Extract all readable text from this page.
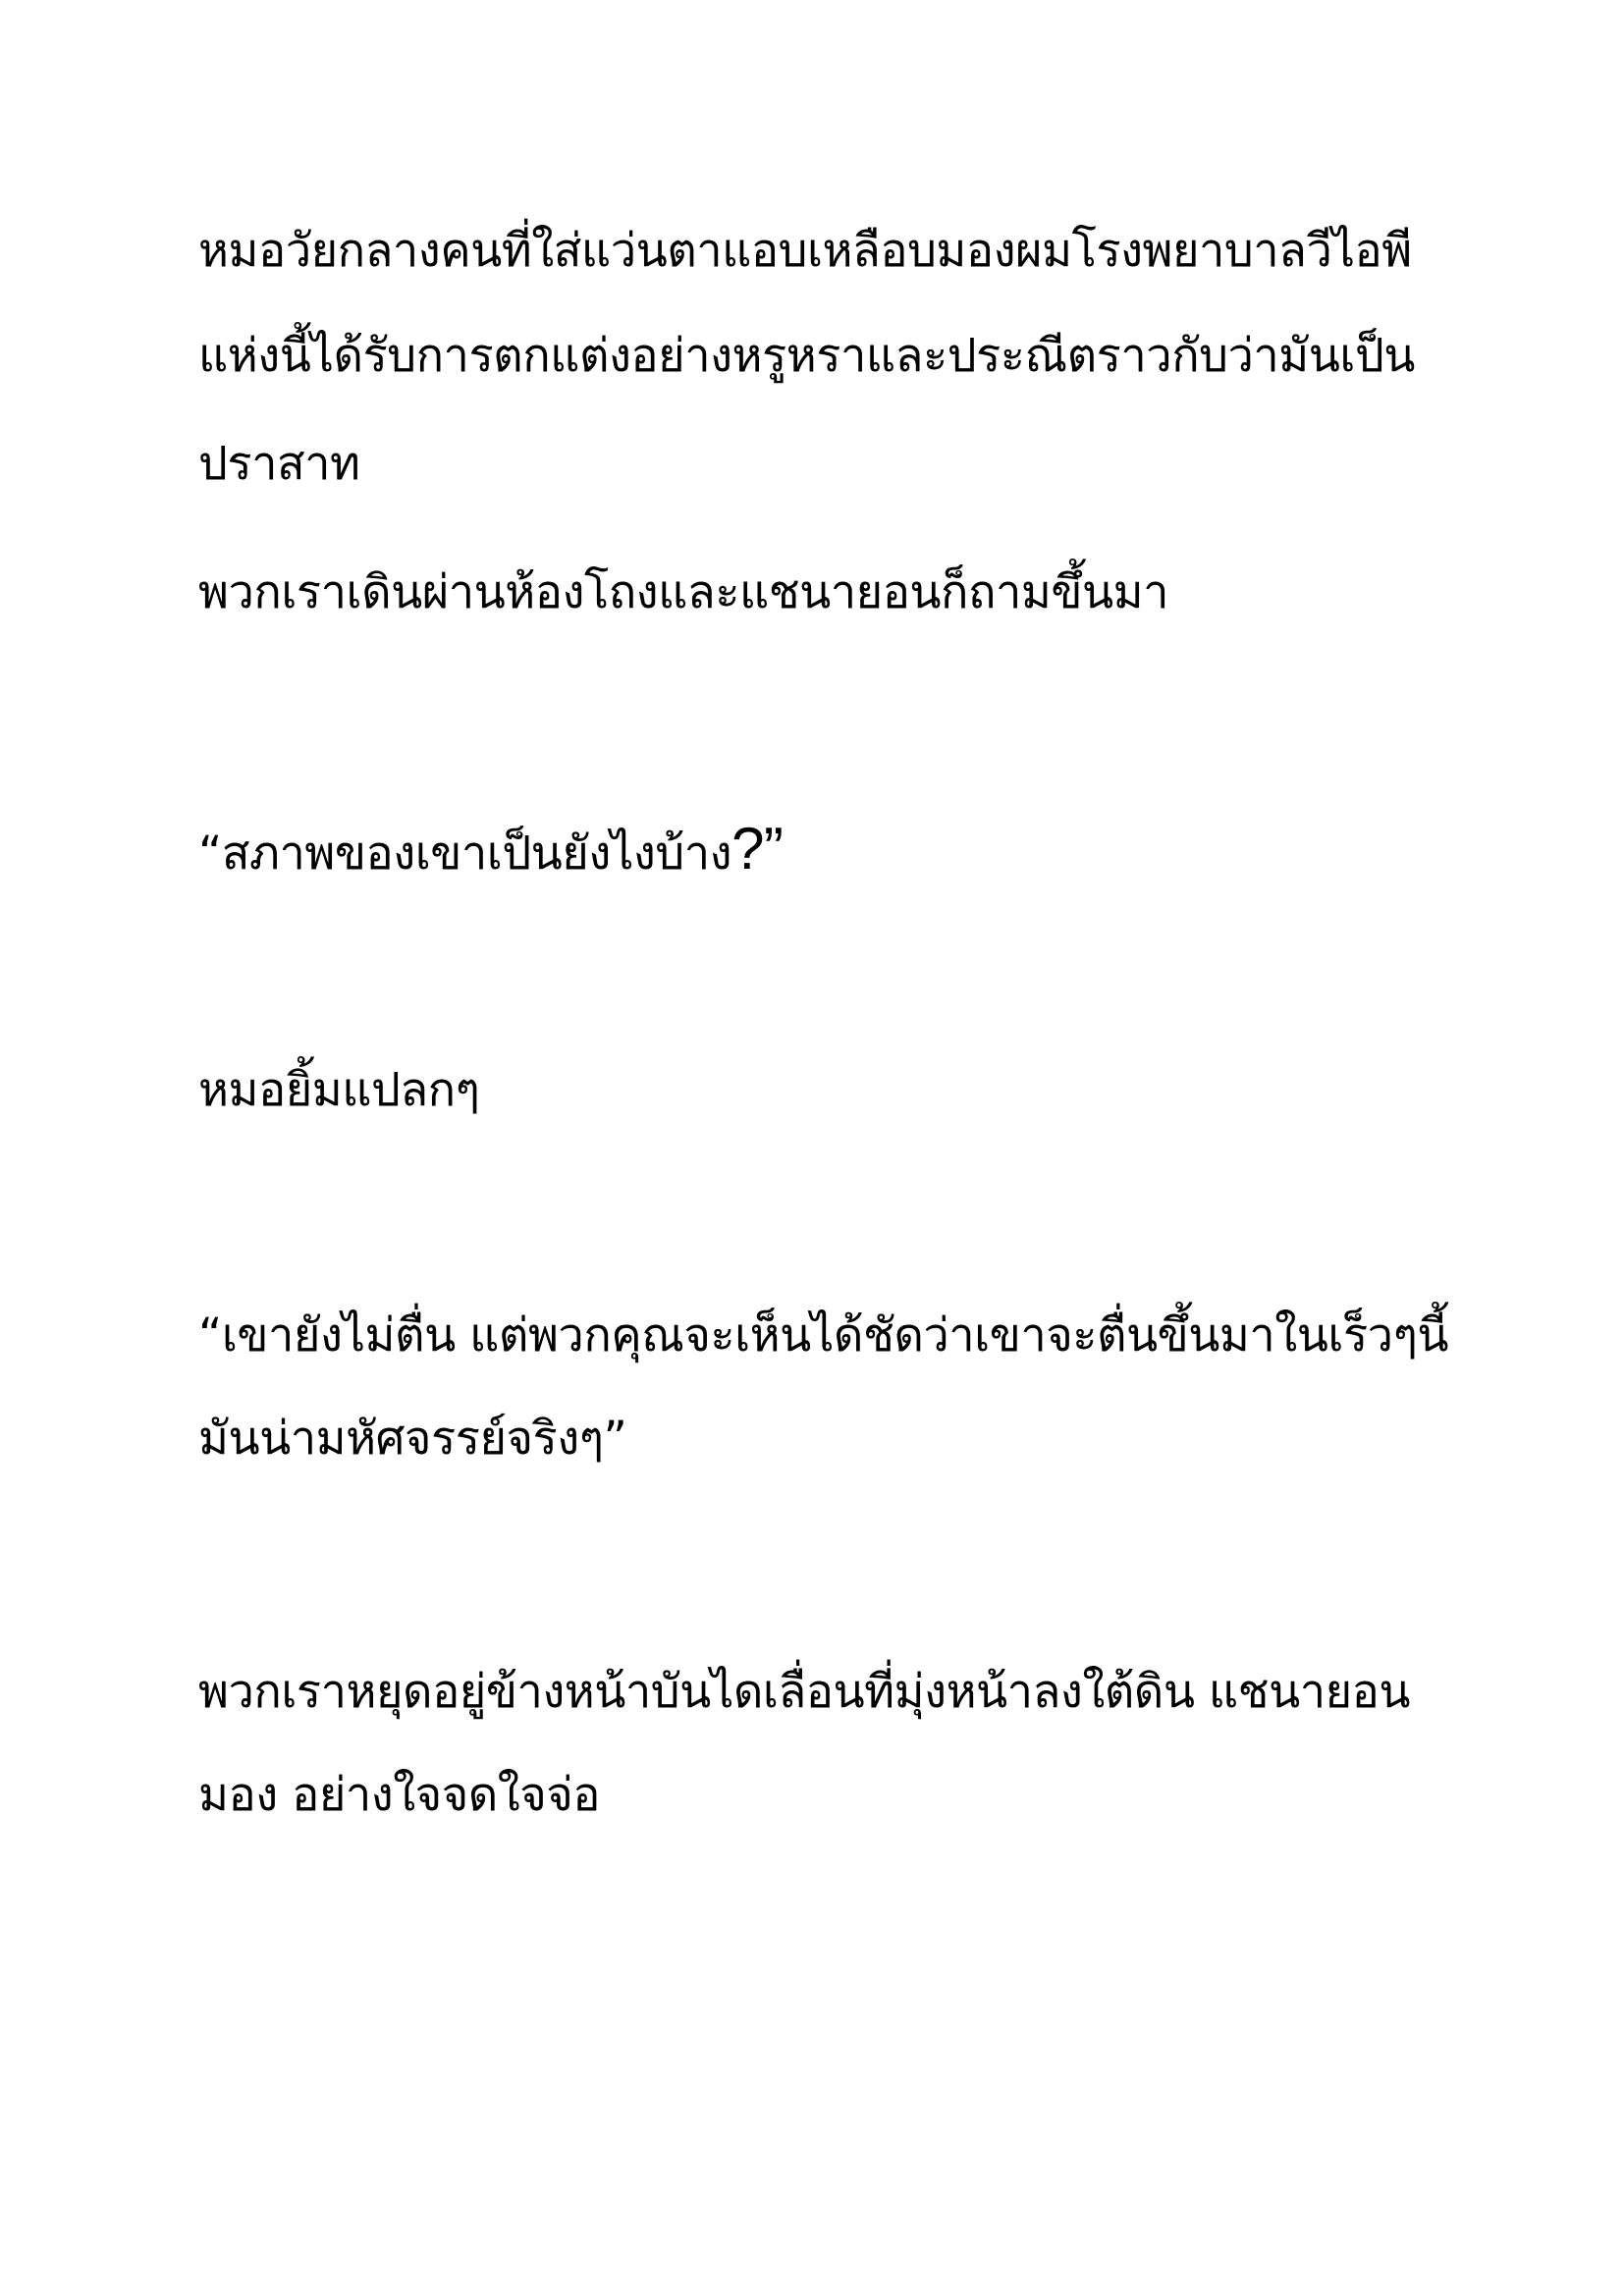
หมอวัยกลางคนที่ใส่แว่นตาแอบเหลือบมองผมโรงพยาบาลวีไอพี

แห่งนี้ได้รับการตกแต่งอย่างหรูหราและประณีตราวกับว่ามันเป็น

ปราสาท

พวกเราเดินผ่านห้องโถงและแชนายอนก็ถามขึ้นมา

“สภาพของเขาเป็นยังไงบ้าง?”

หมอยิ้มแปลกๆ

“เขายังไม่ตื่น แต่พวกคุณจะเห็นได้ชัดว่าเขาจะตื่นขึ้นมาในเร็วๆนี้

มันน่ามหัศจรรย์จริงๆ”

พวกเราหยุดอยู่ข้างหน้าบันไดเลื่อนที่มุ่งหน้าลงใต้ดิน แชนายอน

มอง อย่างใจจดใจจ่อ
